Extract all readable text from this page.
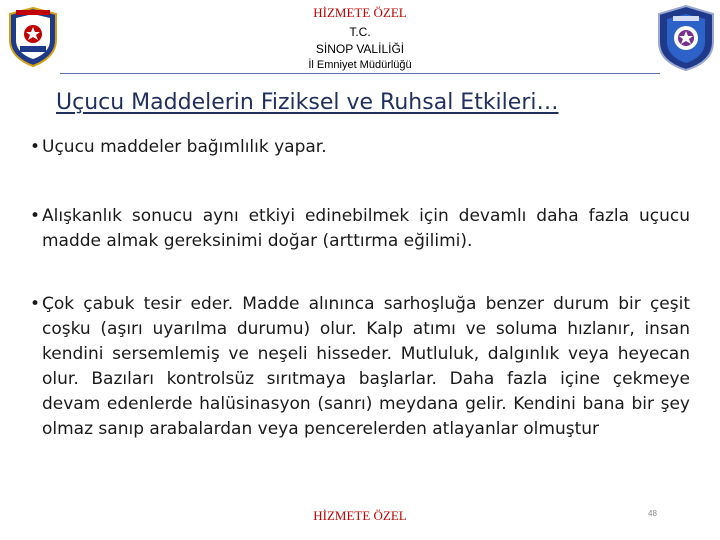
HİZMETE ÖZEL
T.C.
SİNOP VALİLİĞİ
İl Emniyet Müdürlüğü
Uçucu Maddelerin Fiziksel ve Ruhsal Etkileri…
• Uçucu maddeler bağımlılık yapar.
• Alışkanlık sonucu aynı etkiyi edinebilmek için devamlı daha fazla uçucu madde almak gereksinimi doğar (arttırma eğilimi).
• Çok çabuk tesir eder. Madde alınınca sarhoşluğa benzer durum bir çeşit coşku (aşırı uyarılma durumu) olur. Kalp atımı ve soluma hızlanır, insan kendini sersemlemiş ve neşeli hisseder. Mutluluk, dalgınlık veya heyecan olur. Bazıları kontrolsüz sırıtmaya başlarlar. Daha fazla içine çekmeye devam edenlerde halüsinasyon (sanrı) meydana gelir. Kendini bana bir şey olmaz sanıp arabalardan veya pencerelerden atlayanlar olmuştur
HİZMETE ÖZEL	48
